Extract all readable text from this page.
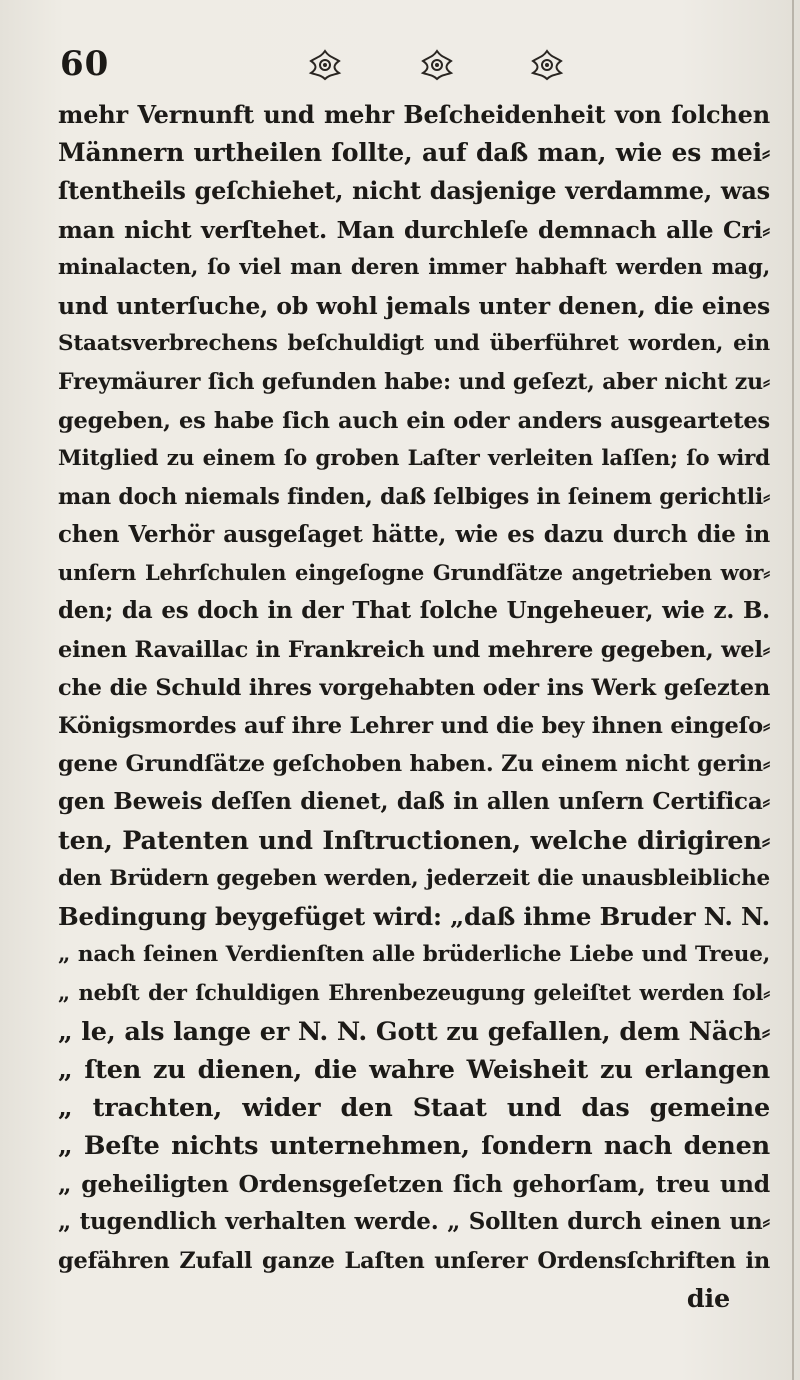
60
mehr Vernunft und mehr Beſcheidenheit von ſolchen
Männern urtheilen ſollte, auf daß man, wie es mei⸗
ſtentheils geſchiehet, nicht dasjenige verdamme, was
man nicht verſtehet. Man durchleſe demnach alle Cri⸗
minalacten, ſo viel man deren immer habhaft werden mag,
und unterſuche, ob wohl jemals unter denen, die eines
Staatsverbrechens beſchuldigt und überführet worden, ein
Freymäurer ſich gefunden habe: und geſezt, aber nicht zu⸗
gegeben, es habe ſich auch ein oder anders ausgeartetes
Mitglied zu einem ſo groben Laſter verleiten laſſen; ſo wird
man doch niemals finden, daß ſelbiges in ſeinem gerichtli⸗
chen Verhör ausgeſaget hätte, wie es dazu durch die in
unſern Lehrſchulen eingeſogne Grundſätze angetrieben wor⸗
den; da es doch in der That ſolche Ungeheuer, wie z. B.
einen Ravaillac in Frankreich und mehrere gegeben, wel⸗
che die Schuld ihres vorgehabten oder ins Werk geſezten
Königsmordes auf ihre Lehrer und die bey ihnen eingeſo⸗
gene Grundſätze geſchoben haben. Zu einem nicht gerin⸗
gen Beweis deſſen dienet, daß in allen unſern Certifica⸗
ten, Patenten und Inſtructionen, welche dirigiren⸗
den Brüdern gegeben werden, jederzeit die unausbleibliche
Bedingung beygefüget wird: „daß ihme Bruder N. N.
„ nach ſeinen Verdienſten alle brüderliche Liebe und Treue,
„ nebſt der ſchuldigen Ehrenbezeugung geleiſtet werden ſol⸗
„ le, als lange er N. N. Gott zu gefallen, dem Näch⸗
„ ſten zu dienen, die wahre Weisheit zu erlangen
„ trachten, wider den Staat und das gemeine
„ Beſte nichts unternehmen, ſondern nach denen
„ geheiligten Ordensgeſetzen ſich gehorſam, treu und
„ tugendlich verhalten werde. „ Sollten durch einen un⸗
gefähren Zufall ganze Laſten unſerer Ordensſchriften in
die
